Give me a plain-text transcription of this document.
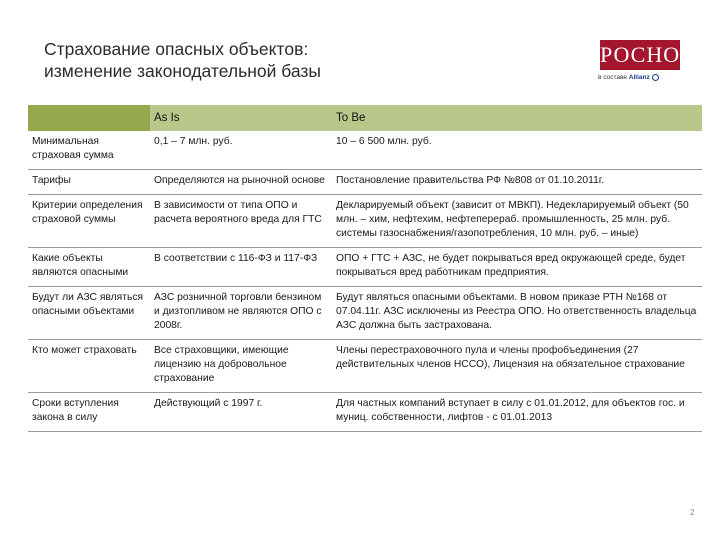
Страхование опасных объектов:
изменение законодательной базы
РОСНО
в составе Allianz
	As Is	To Be
Минимальная страховая сумма	0,1 – 7 млн. руб.	10 – 6 500 млн. руб.
Тарифы	Определяются на рыночной основе	Постановление правительства РФ №808 от 01.10.2011г.
Критерии определения страховой суммы	В зависимости от типа ОПО и расчета вероятного вреда для ГТС	Декларируемый объект (зависит от МВКП). Недекларируемый объект (50 млн. – хим, нефтехим, нефтеперераб. промышленность, 25 млн. руб. системы газоснабжения/газопотребления, 10 млн. руб. – иные)
Какие объекты являются опасными	В соответствии с 116-ФЗ и 117-ФЗ	ОПО + ГТС + АЗС, не будет покрываться вред окружающей среде, будет покрываться вред работникам предприятия.
Будут ли АЗС являться опасными объектами	АЗС розничной торговли бензином и дизтопливом не являются ОПО с 2008г.	Будут являться опасными объектами. В новом приказе РТН №168 от 07.04.11г. АЗС исключены из Реестра ОПО. Но ответственность владельца АЗС должна быть застрахована.
Кто может страховать	Все страховщики, имеющие лицензию на добровольное страхование	Члены перестраховочного пула и члены профобъединения (27 действительных членов НССО), Лицензия на обязательное страхование
Сроки вступления закона в силу	Действующий с 1997 г.	Для частных компаний вступает в силу с 01.01.2012, для объектов гос. и муниц. собственности, лифтов - с 01.01.2013
2
